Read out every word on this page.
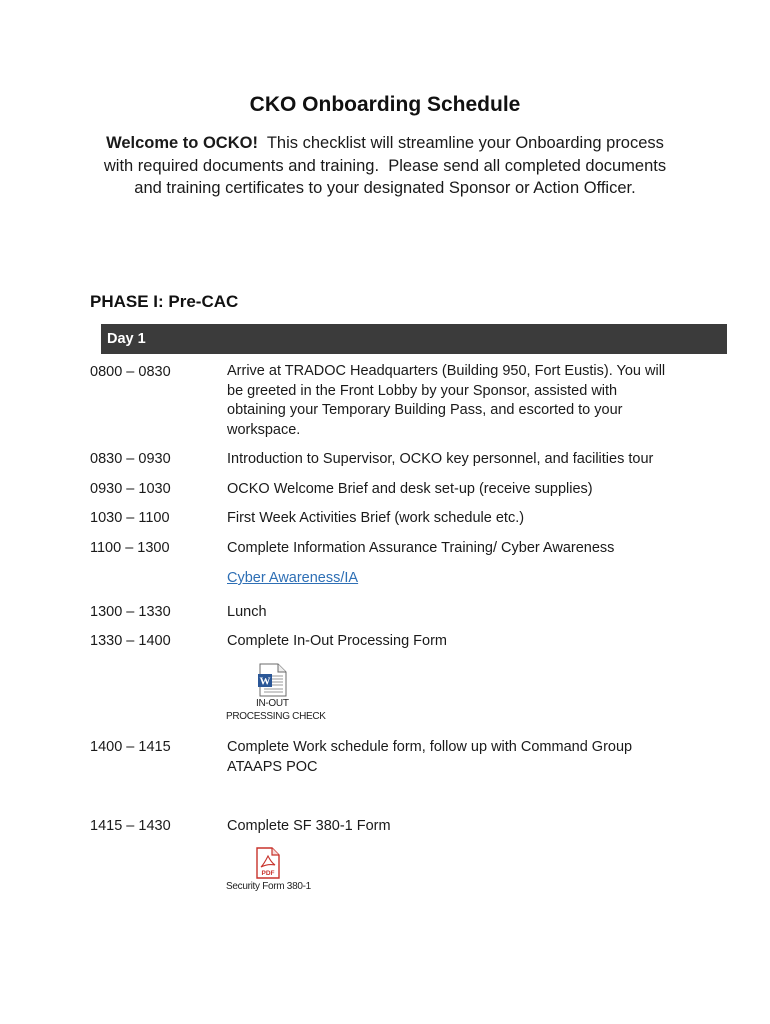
CKO Onboarding Schedule
Welcome to OCKO!  This checklist will streamline your Onboarding process with required documents and training.  Please send all completed documents and training certificates to your designated Sponsor or Action Officer.
PHASE I: Pre-CAC
Day 1
0800 – 0830	Arrive at TRADOC Headquarters (Building 950, Fort Eustis). You will be greeted in the Front Lobby by your Sponsor, assisted with obtaining your Temporary Building Pass, and escorted to your workspace.
0830 – 0930	Introduction to Supervisor, OCKO key personnel, and facilities tour
0930 – 1030	OCKO Welcome Brief and desk set-up (receive supplies)
1030 – 1100	First Week Activities Brief (work schedule etc.)
1100 – 1300	Complete Information Assurance Training/ Cyber Awareness
Cyber Awareness/IA
1300 – 1330	Lunch
1330 – 1400	Complete In-Out Processing Form
W
IN-OUT
PROCESSING CHECK
1400 – 1415	Complete Work schedule form, follow up with Command Group ATAAPS POC
1415 – 1430	Complete SF 380-1 Form
PDF
Security Form 380-1
